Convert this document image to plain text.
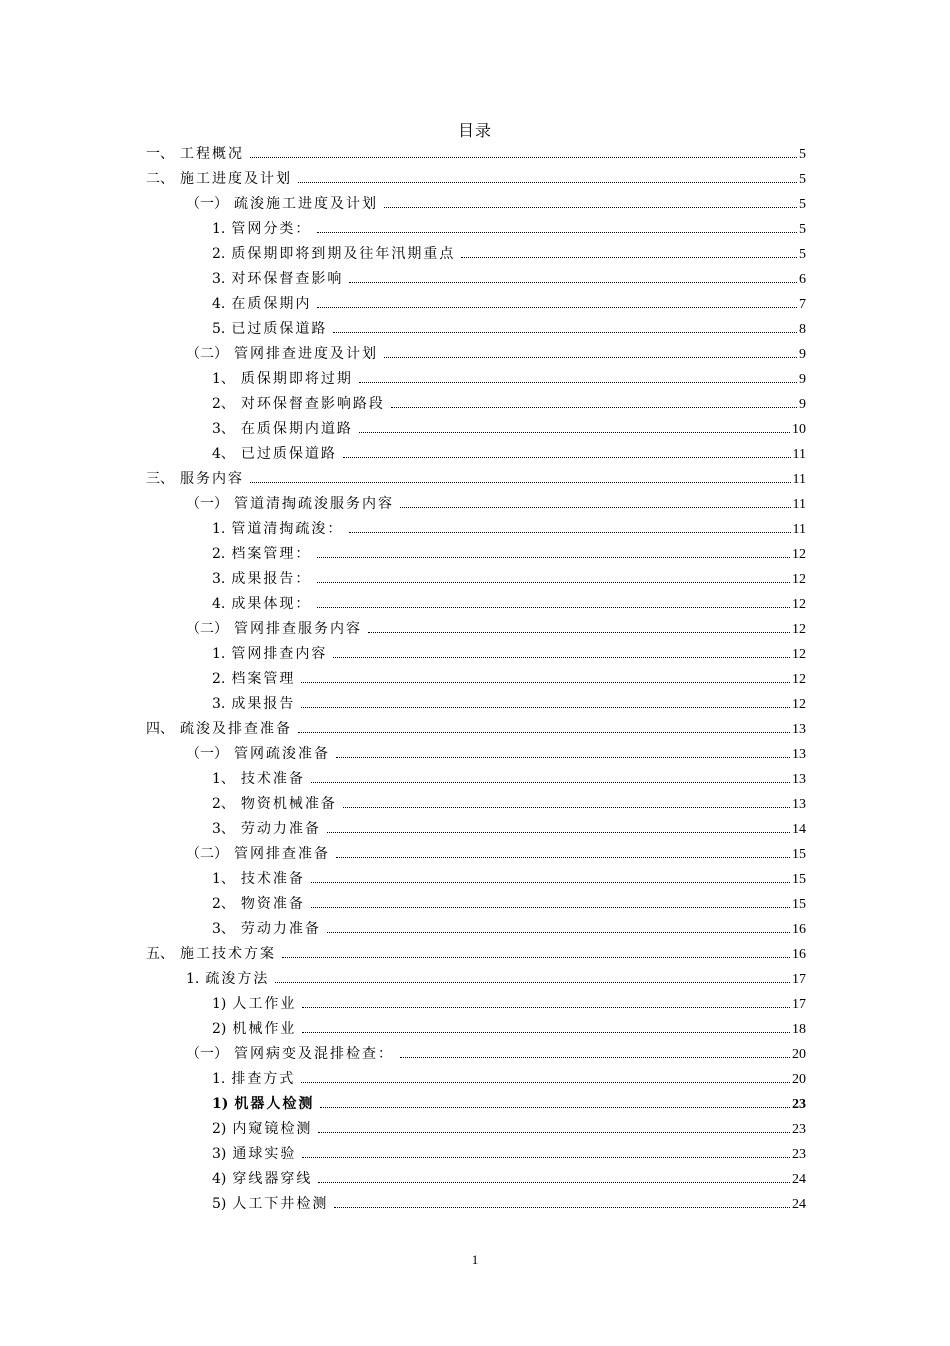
目录
一、 工程概况	5
二、 施工进度及计划	5
（一） 疏浚施工进度及计划	5
1. 管网分类：	5
2. 质保期即将到期及往年汛期重点	5
3. 对环保督查影响	6
4. 在质保期内	7
5. 已过质保道路	8
（二） 管网排查进度及计划	9
1、 质保期即将过期	9
2、 对环保督查影响路段	9
3、 在质保期内道路	10
4、 已过质保道路	11
三、 服务内容	11
（一） 管道清掏疏浚服务内容	11
1. 管道清掏疏浚：	11
2. 档案管理：	12
3. 成果报告：	12
4. 成果体现：	12
（二） 管网排查服务内容	12
1. 管网排查内容	12
2. 档案管理	12
3. 成果报告	12
四、 疏浚及排查准备	13
（一） 管网疏浚准备	13
1、 技术准备	13
2、 物资机械准备	13
3、 劳动力准备	14
（二） 管网排查准备	15
1、 技术准备	15
2、 物资准备	15
3、 劳动力准备	16
五、 施工技术方案	16
1. 疏浚方法	17
1) 人工作业	17
2) 机械作业	18
（一） 管网病变及混排检查：	20
1. 排查方式	20
1) 机器人检测	23
2) 内窥镜检测	23
3) 通球实验	23
4) 穿线器穿线	24
5) 人工下井检测	24
1
